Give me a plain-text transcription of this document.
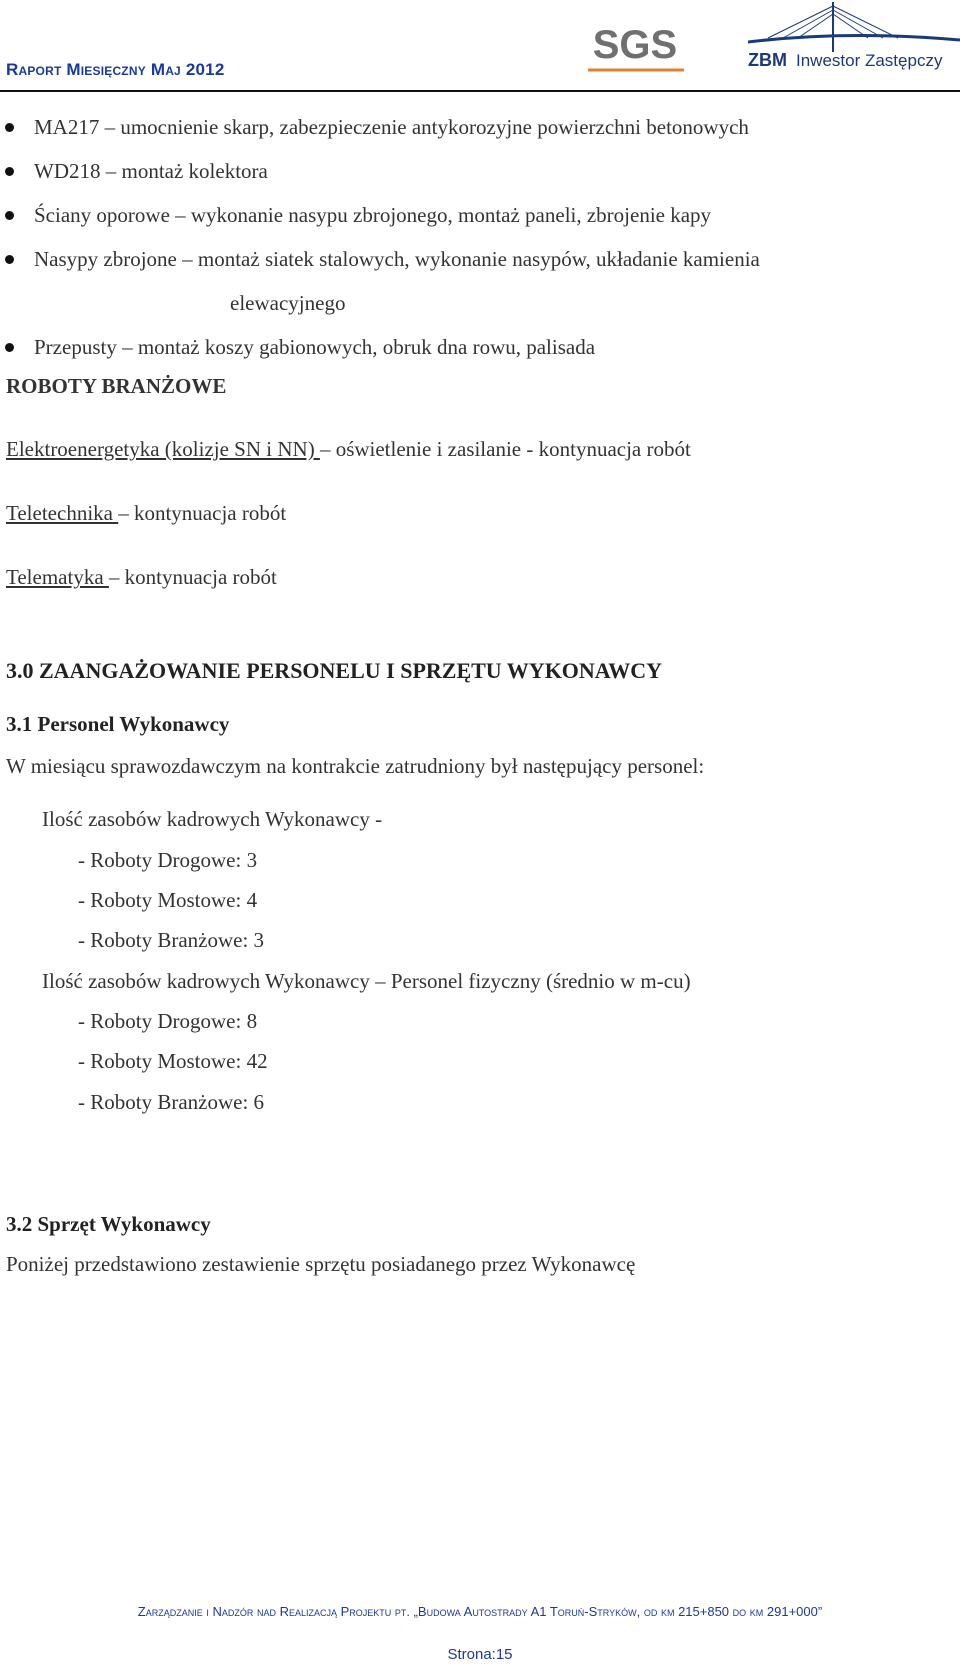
Raport Miesięczny Maj 2012
SGS	ZBM Inwestor Zastępczy
MA217 – umocnienie skarp, zabezpieczenie antykorozyjne powierzchni betonowych
WD218 – montaż kolektora
Ściany oporowe – wykonanie nasypu zbrojonego, montaż paneli, zbrojenie kapy
Nasypy zbrojone – montaż siatek stalowych, wykonanie nasypów, układanie kamienia
elewacyjnego
Przepusty – montaż koszy gabionowych, obruk dna rowu, palisada
ROBOTY BRANŻOWE
Elektroenergetyka (kolizje SN i NN) – oświetlenie i zasilanie - kontynuacja robót
Teletechnika – kontynuacja robót
Telematyka – kontynuacja robót
3.0 ZAANGAŻOWANIE PERSONELU I SPRZĘTU WYKONAWCY
3.1 Personel Wykonawcy
W miesiącu sprawozdawczym na kontrakcie zatrudniony był następujący personel:
Ilość zasobów kadrowych Wykonawcy -
- Roboty Drogowe: 3
- Roboty Mostowe: 4
- Roboty Branżowe: 3
Ilość zasobów kadrowych Wykonawcy – Personel fizyczny (średnio w m-cu)
- Roboty Drogowe: 8
- Roboty Mostowe: 42
- Roboty Branżowe: 6
3.2 Sprzęt Wykonawcy
Poniżej przedstawiono zestawienie sprzętu posiadanego przez Wykonawcę
Zarządzanie i Nadzór nad Realizacją Projektu pt. „Budowa Autostrady A1 Toruń-Stryków, od km 215+850 do km 291+000”
Strona:15
